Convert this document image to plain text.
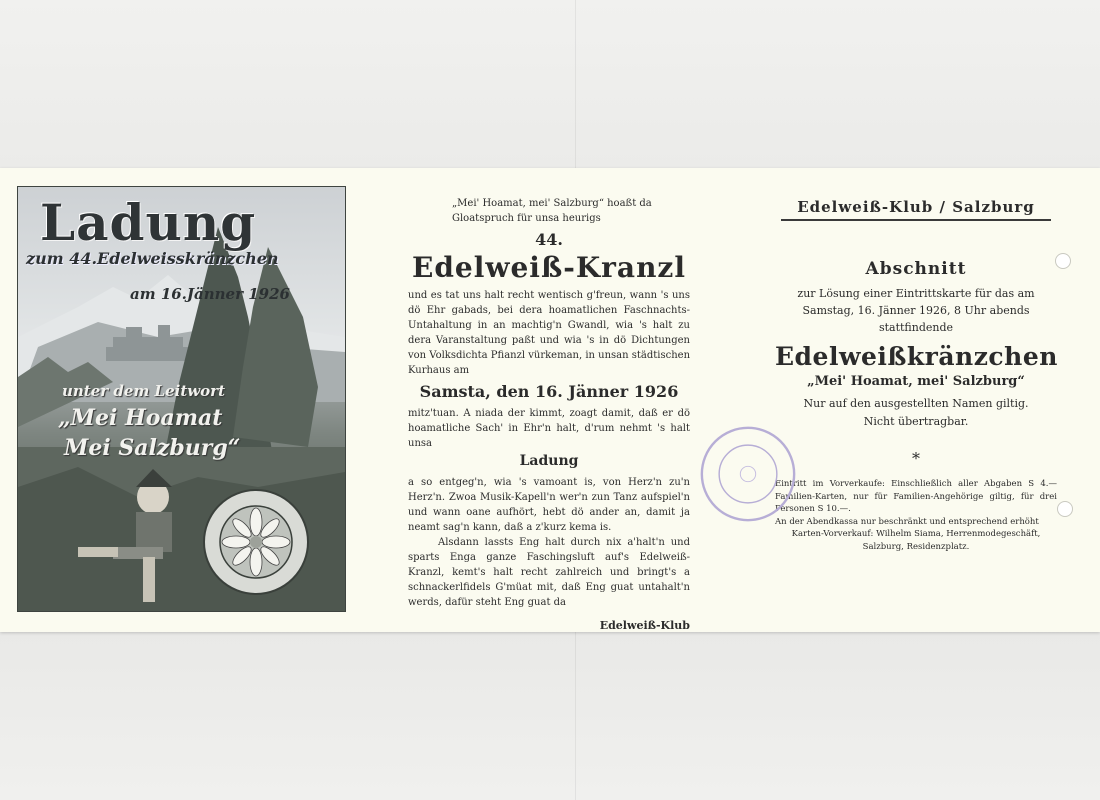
Ladung
zum 44.Edelweisskränzchen
am 16.Jänner 1926
unter dem Leitwort
„Mei Hoamat
Mei Salzburg“

„Mei' Hoamat, mei' Salzburg“ hoaßt da Gloatspruch für unsa heurigs

44.

Edelweiß-Kranzl

und es tat uns halt recht wentisch g'freun, wann 's uns dö Ehr gabads, bei dera hoamatlichen Faschnachts-Untahaltung in an machtig'n Gwandl, wia 's halt zu dera Varanstaltung paßt und wia 's in dö Dichtungen von Volksdichta Pfianzl vürkeman, in unsan städtischen Kurhaus am

Samsta, den 16. Jänner 1926

mitz'tuan. A niada der kimmt, zoagt damit, daß er dö hoamatliche Sach' in Ehr'n halt, d'rum nehmt 's halt unsa

Ladung

a so entgeg'n, wia 's vamoant is, von Herz'n zu'n Herz'n. Zwoa Musik-Kapell'n wer'n zun Tanz aufspiel'n und wann oane aufhört, hebt dö ander an, damit ja neamt sag'n kann, daß a z'kurz kema is.

Alsdann lassts Eng halt durch nix a'halt'n und sparts Enga ganze Faschingsluft auf's Edelweiß-Kranzl, kemt's halt recht zahlreich und bringt's a schnackerlfidels G'müat mit, daß Eng guat untahalt'n werds, dafür steht Eng guat da

Edelweiß-Klub

Edelweiß-Klub / Salzburg
Abschnitt
zur Lösung einer Eintrittskarte für das am
Samstag, 16. Jänner 1926, 8 Uhr abends
stattfindende
Edelweißkränzchen
„Mei' Hoamat, mei' Salzburg“
Nur auf den ausgestellten Namen giltig.
Nicht übertragbar.
*

Eintritt im Vorverkaufe: Einschließlich aller Abgaben S 4.— Familien-Karten, nur für Familien-Angehörige giltig, für drei Personen S 10.—.

An der Abendkassa nur beschränkt und entsprechend erhöht

Karten-Vorverkauf: Wilhelm Siama, Herrenmodegeschäft, Salzburg, Residenzplatz.
